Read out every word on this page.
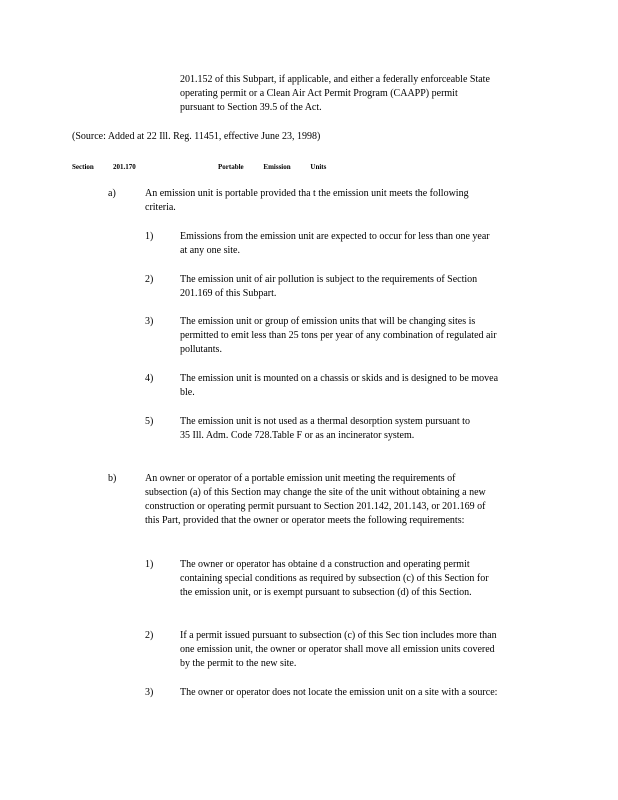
201.152 of this Subpart, if applicable, and either a federally enforceable State operating permit or a Clean Air Act Permit Program (CAAPP) permit pursuant to Section 39.5 of the Act.
(Source: Added at 22 Ill. Reg. 11451, effective June 23, 1998)
Section	201.170	Portable Emission Units
a)	An emission unit is portable provided tha t the emission unit meets the following criteria.
1)	Emissions from the emission unit are expected to occur for less than one year at any one site.
2)	The emission unit of air pollution is subject to the requirements of Section 201.169 of this Subpart.
3)	The emission unit or group of emission units that will be changing sites is permitted to emit less than 25 tons per year of any combination of regulated air pollutants.
4)	The emission unit is mounted on a chassis or skids and is designed to be movea ble.
5)	The emission unit is not used as a thermal desorption system pursuant to 35 Ill. Adm. Code 728.Table F or as an incinerator system.
b)	An owner or operator of a portable emission unit meeting the requirements of subsection (a) of this Section may change the site of the unit without obtaining a new construction or operating permit pursuant to Section 201.142, 201.143, or 201.169 of this Part, provided that the owner or operator meets the following requirements:
1)	The owner or operator has obtaine d a construction and operating permit containing special conditions as required by subsection (c) of this Section for the emission unit, or is exempt pursuant to subsection (d) of this Section.
2)	If a permit issued pursuant to subsection (c) of this Sec tion includes more than one emission unit, the owner or operator shall move all emission units covered by the permit to the new site.
3)	The owner or operator does not locate the emission unit on a site with a source:
